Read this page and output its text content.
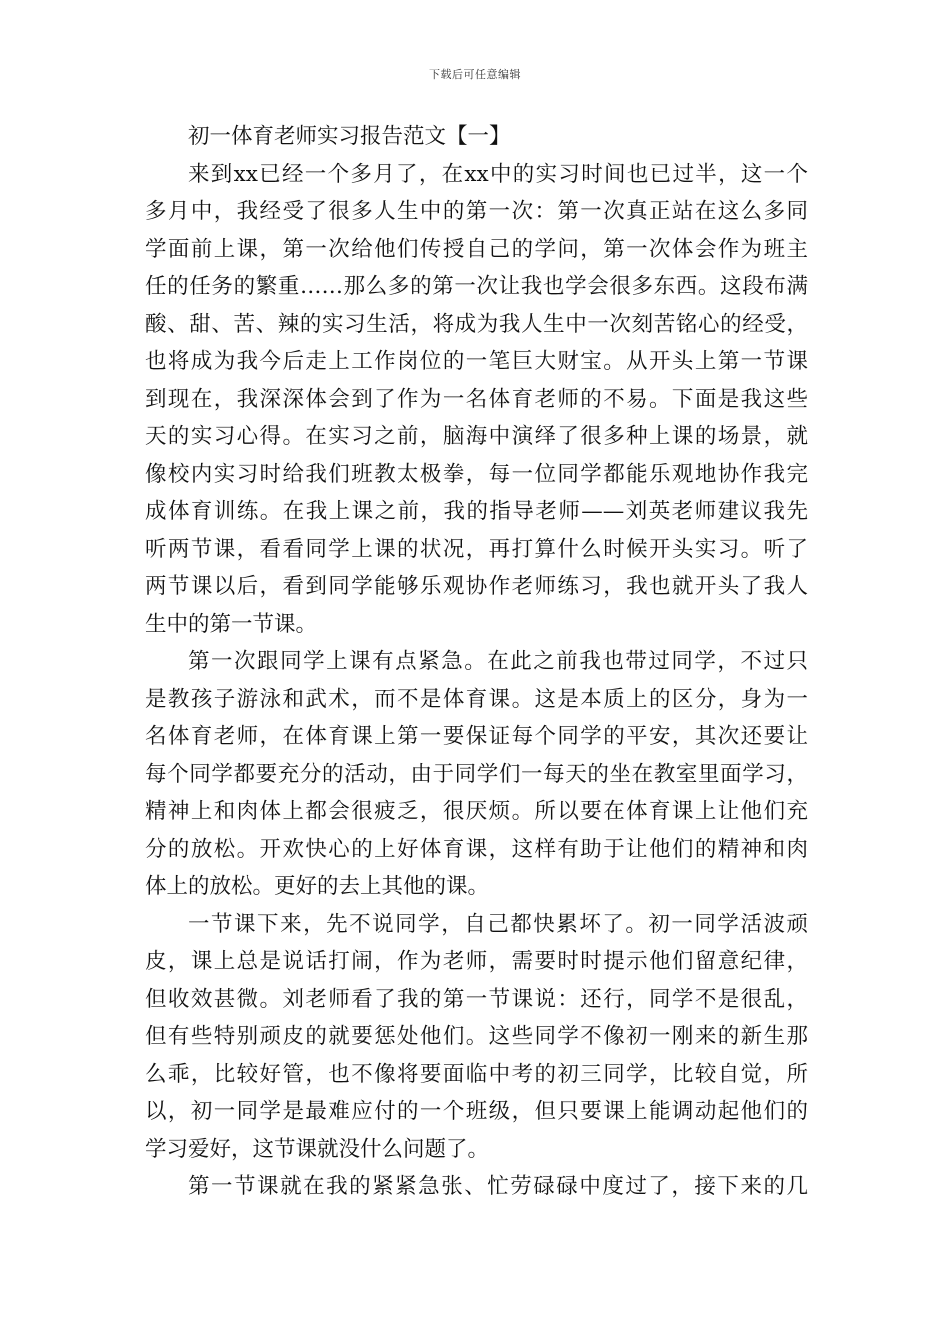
下载后可任意编辑
初一体育老师实习报告范文【一】
来到xx已经一个多月了，在xx中的实习时间也已过半，这一个
多月中，我经受了很多人生中的第一次：第一次真正站在这么多同
学面前上课，第一次给他们传授自己的学问，第一次体会作为班主
任的任务的繁重……那么多的第一次让我也学会很多东西。这段布满
酸、甜、苦、辣的实习生活，将成为我人生中一次刻苦铭心的经受，
也将成为我今后走上工作岗位的一笔巨大财宝。从开头上第一节课
到现在，我深深体会到了作为一名体育老师的不易。下面是我这些
天的实习心得。在实习之前，脑海中演绎了很多种上课的场景，就
像校内实习时给我们班教太极拳，每一位同学都能乐观地协作我完
成体育训练。在我上课之前，我的指导老师——刘英老师建议我先
听两节课，看看同学上课的状况，再打算什么时候开头实习。听了
两节课以后，看到同学能够乐观协作老师练习，我也就开头了我人
生中的第一节课。
第一次跟同学上课有点紧急。在此之前我也带过同学，不过只
是教孩子游泳和武术，而不是体育课。这是本质上的区分，身为一
名体育老师，在体育课上第一要保证每个同学的平安，其次还要让
每个同学都要充分的活动，由于同学们一每天的坐在教室里面学习，
精神上和肉体上都会很疲乏，很厌烦。所以要在体育课上让他们充
分的放松。开欢快心的上好体育课，这样有助于让他们的精神和肉
体上的放松。更好的去上其他的课。
一节课下来，先不说同学，自己都快累坏了。初一同学活波顽
皮，课上总是说话打闹，作为老师，需要时时提示他们留意纪律，
但收效甚微。刘老师看了我的第一节课说：还行，同学不是很乱，
但有些特别顽皮的就要惩处他们。这些同学不像初一刚来的新生那
么乖，比较好管，也不像将要面临中考的初三同学，比较自觉，所
以，初一同学是最难应付的一个班级，但只要课上能调动起他们的
学习爱好，这节课就没什么问题了。
第一节课就在我的紧紧急张、忙劳碌碌中度过了，接下来的几
